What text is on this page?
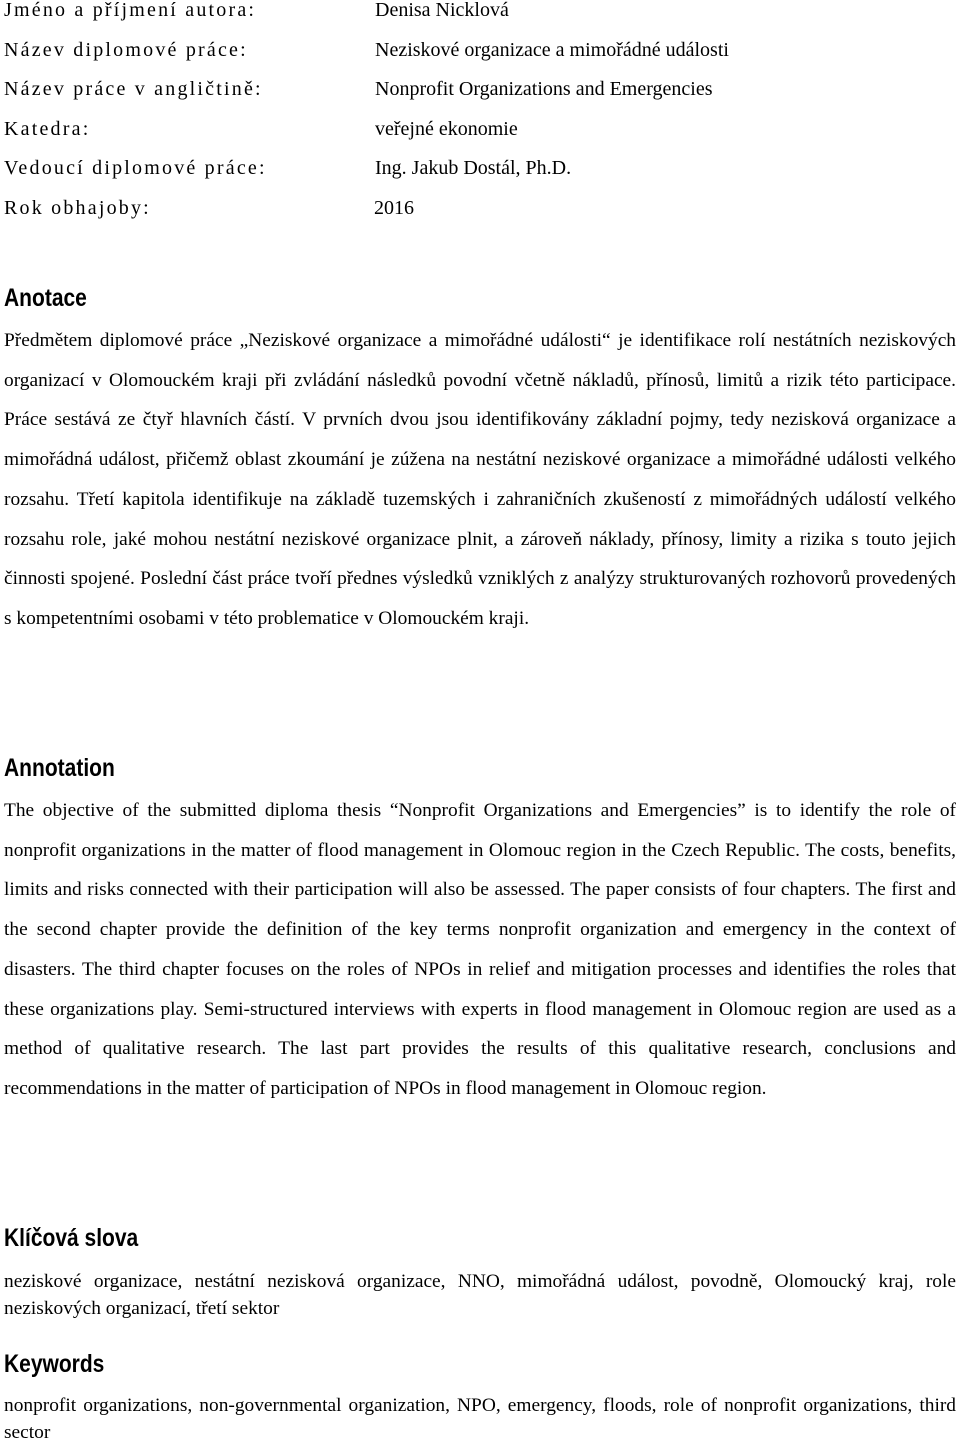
Jméno a příjmení autora:	Denisa Nicklová
Název diplomové práce:	Neziskové organizace a mimořádné události
Název práce v angličtině:	Nonprofit Organizations and Emergencies
Katedra:	veřejné ekonomie
Vedoucí diplomové práce:	Ing. Jakub Dostál, Ph.D.
Rok obhajoby:	2016
Anotace

Předmětem diplomové práce „Neziskové organizace a mimořádné události“ je identifikace rolí nestátních neziskových organizací v Olomouckém kraji při zvládání následků povodní včetně nákladů, přínosů, limitů a rizik této participace. Práce sestává ze čtyř hlavních částí. V prvních dvou jsou identifikovány základní pojmy, tedy nezisková organizace a mimořádná událost, přičemž oblast zkoumání je zúžena na nestátní neziskové organizace a mimořádné události velkého rozsahu. Třetí kapitola identifikuje na základě tuzemských i zahraničních zkušeností z mimořádných událostí velkého rozsahu role, jaké mohou nestátní neziskové organizace plnit, a zároveň náklady, přínosy, limity a rizika s touto jejich činnosti spojené. Poslední část práce tvoří přednes výsledků vzniklých z analýzy strukturovaných rozhovorů provedených s kompetentními osobami v této problematice v Olomouckém kraji.

Annotation

The objective of the submitted diploma thesis “Nonprofit Organizations and Emergencies” is to identify the role of nonprofit organizations in the matter of flood management in Olomouc region in the Czech Republic. The costs, benefits, limits and risks connected with their participation will also be assessed. The paper consists of four chapters. The first and the second chapter provide the definition of the key terms nonprofit organization and emergency in the context of disasters. The third chapter focuses on the roles of NPOs in relief and mitigation processes and identifies the roles that these organizations play. Semi-structured interviews with experts in flood management in Olomouc region are used as a method of qualitative research. The last part provides the results of this qualitative research, conclusions and recommendations in the matter of participation of NPOs in flood management in Olomouc region.

Klíčová slova

neziskové organizace, nestátní nezisková organizace, NNO, mimořádná událost, povodně, Olomoucký kraj, role neziskových organizací, třetí sektor

Keywords

nonprofit organizations, non-governmental organization, NPO, emergency, floods, role of nonprofit organizations, third sector
